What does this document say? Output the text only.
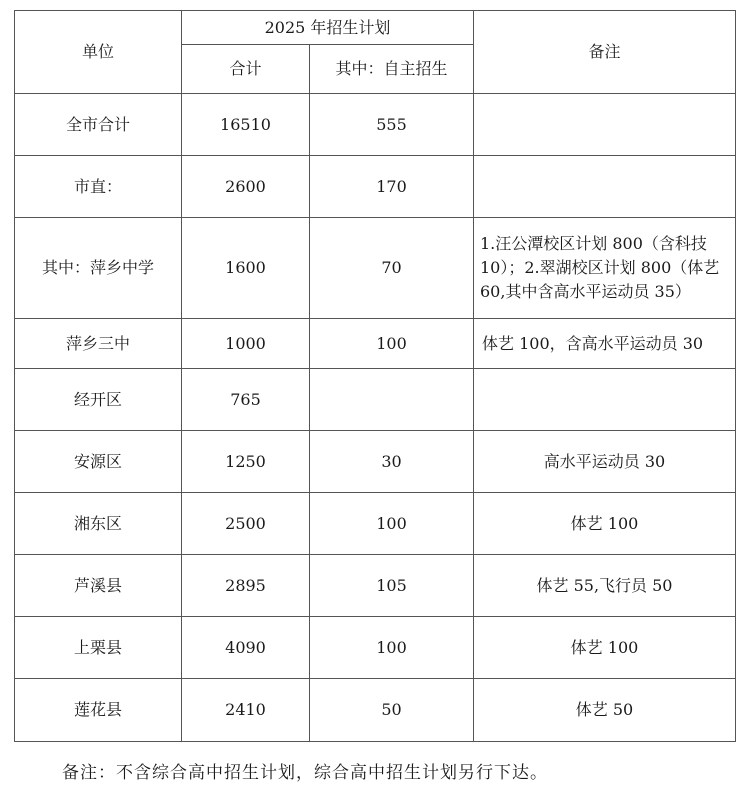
单位	2025 年招生计划		备注
	合计	其中：自主招生	
全市合计	16510	555	
市直：	2600	170	
其中：萍乡中学	1600	70	1.汪公潭校区计划 800（含科技 10）；2.翠湖校区计划 800（体艺 60,其中含高水平运动员 35）
萍乡三中	1000	100	体艺 100，含高水平运动员 30
经开区	765		
安源区	1250	30	高水平运动员 30
湘东区	2500	100	体艺 100
芦溪县	2895	105	体艺 55,飞行员 50
上栗县	4090	100	体艺 100
莲花县	2410	50	体艺 50
备注：不含综合高中招生计划，综合高中招生计划另行下达。
